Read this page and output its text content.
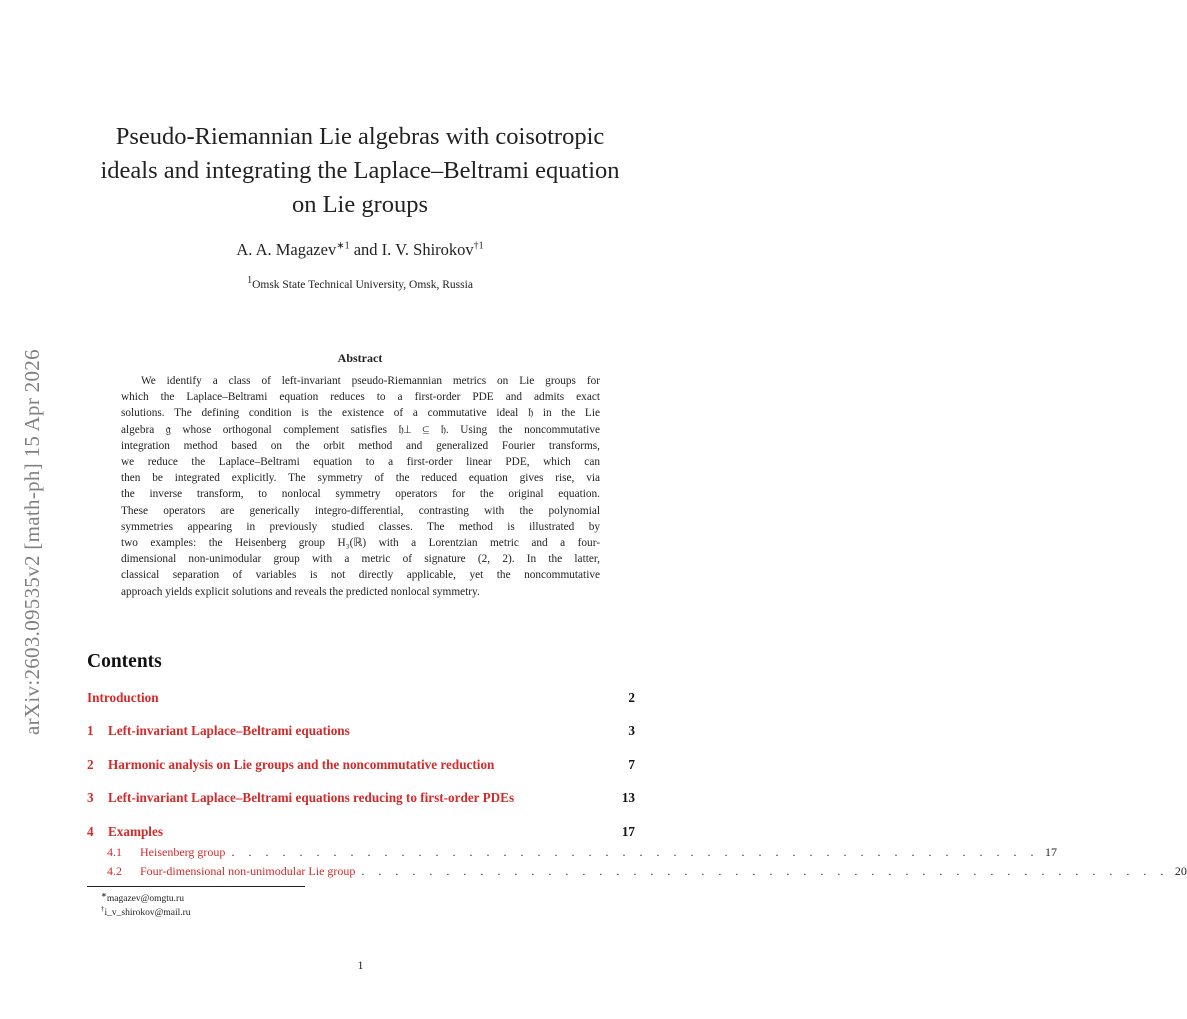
arXiv:2603.09535v2 [math-ph] 15 Apr 2026
Pseudo-Riemannian Lie algebras with coisotropic
ideals and integrating the Laplace–Beltrami equation
on Lie groups
A. A. Magazev$^{∗1}$ and I. V. Shirokov$^{\dagger 1}$
$^1$Omsk State Technical University, Omsk, Russia
Abstract
We identify a class of left-invariant pseudo-Riemannian metrics on Lie groups for
which the Laplace–Beltrami equation reduces to a first-order PDE and admits exact
solutions. The defining condition is the existence of a commutative ideal 𝔥 in the Lie
algebra 𝔤 whose orthogonal complement satisfies 𝔥⊥ ⊆ 𝔥. Using the noncommutative
integration method based on the orbit method and generalized Fourier transforms,
we reduce the Laplace–Beltrami equation to a first-order linear PDE, which can
then be integrated explicitly. The symmetry of the reduced equation gives rise, via
the inverse transform, to nonlocal symmetry operators for the original equation.
These operators are generically integro-differential, contrasting with the polynomial
symmetries appearing in previously studied classes. The method is illustrated by
two examples: the Heisenberg group H₃(ℝ) with a Lorentzian metric and a four-
dimensional non-unimodular group with a metric of signature (2, 2). In the latter,
classical separation of variables is not directly applicable, yet the noncommutative
approach yields explicit solutions and reveals the predicted nonlocal symmetry.
Contents
Introduction	2
1	Left-invariant Laplace–Beltrami equations	3
2	Harmonic analysis on Lie groups and the noncommutative reduction	7
3	Left-invariant Laplace–Beltrami equations reducing to first-order PDEs	13
4	Examples	17
4.1	Heisenberg group . . . . . . . . . . . . . . . . . . . . . . . . . . . . . . . . . . . . . . . . . . . . . . . . 17
4.2	Four-dimensional non-unimodular Lie group . . . . . . . . . . . . . . . . . . . . . . . . . . . . . . . . . . . . . . . . . . . . . . . . 20
∗magazev@omgtu.ru
†i_v_shirokov@mail.ru
1
